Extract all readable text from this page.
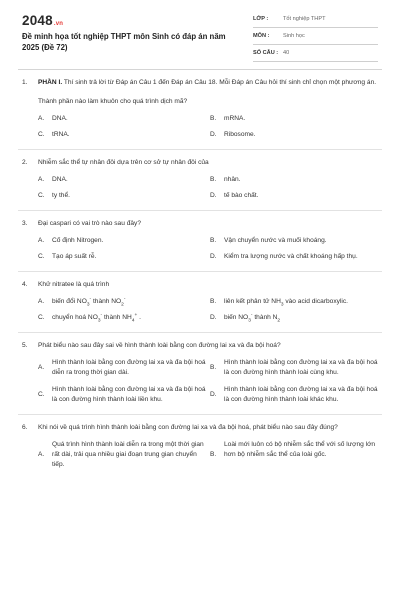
2048.vn
Đề minh họa tốt nghiệp THPT môn Sinh có đáp án năm 2025 (Đề 72)
LỚP :	Tốt nghiệp THPT
MÔN : Sinh học
SỐ CÂU : 40
1. PHẦN I. Thí sinh trả lời từ Đáp án Câu 1 đến Đáp án Câu 18. Mỗi Đáp án Câu hỏi thí sinh chỉ chọn một phương án.
Thành phần nào làm khuôn cho quá trình dịch mã?
A. DNA.	B. mRNA.
C. tRNA.	D. Ribosome.
2. Nhiễm sắc thể tự nhân đôi dựa trên cơ sở tự nhân đôi của
A. DNA.	B. nhân.
C. ty thể.	D. tế bào chất.
3. Đại caspari có vai trò nào sau đây?
A. Cố định Nitrogen.	B. Vận chuyển nước và muối khoáng.
C. Tạo áp suất rễ.	D. Kiểm tra lượng nước và chất khoáng hấp thụ.
4. Khử nitratee là quá trình
A. biến đổi $NO_3^-$ thành $NO_2^-$	B. liên kết phân tử $NH_3$ vào acid dicarboxylic.
C. chuyển hoá $NO_3^-$ thành $NH_4^+$ .	D. biến $NO_3^-$ thành $N_2$
5. Phát biểu nào sau đây sai về hình thành loài bằng con đường lai xa và đa bội hoá?
A.
Hình thành loài bằng con đường lai xa và đa bội hoá diễn ra trong thời gian dài.
B.
Hình thành loài bằng con đường lai xa và đa bội hoá là con đường hình thành loài cùng khu.
C.
Hình thành loài bằng con đường lai xa và đa bội hoá là con đường hình thành loài liền khu.
D.
Hình thành loài bằng con đường lai xa và đa bội hoá là con đường hình thành loài khác khu.
6. Khi nói về quá trình hình thành loài bằng con đường lai xa và đa bội hoá, phát biểu nào sau đây đúng?
A.
Quá trình hình thành loài diễn ra trong một thời gian rất dài, trải qua nhiều giai đoạn trung gian chuyển tiếp.
B.
Loài mới luôn có bộ nhiễm sắc thể với số lượng lớn hơn bộ nhiễm sắc thể của loài gốc.
